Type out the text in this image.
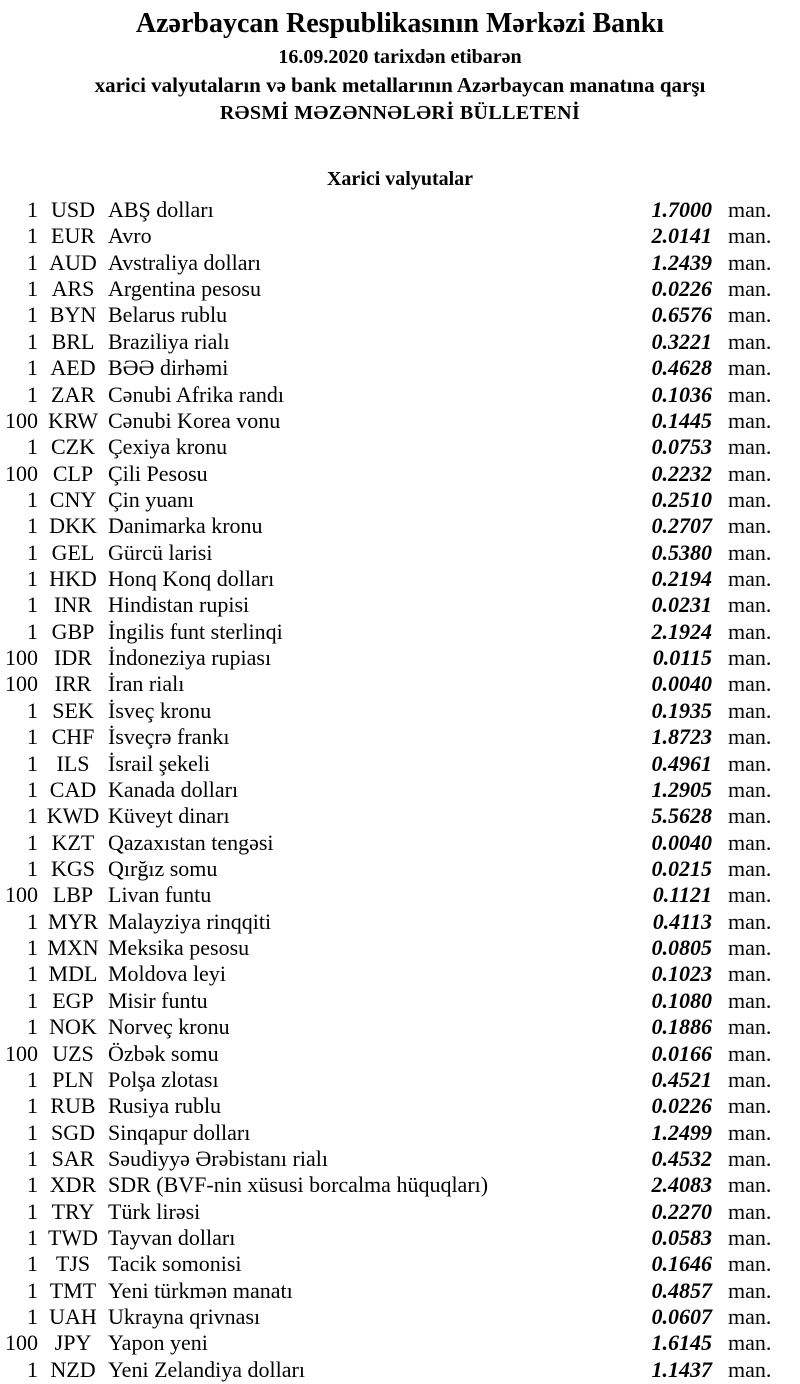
Azərbaycan Respublikasının Mərkəzi Bankı
16.09.2020 tarixdən etibarən
xarici valyutaların və bank metallarının Azərbaycan manatına qarşı
RƏSMİ MƏZƏNNƏLƏRİ BÜLLETENİ
Xarici valyutalar
1 USD ABŞ dolları	1.7000 man.
1 EUR Avro	2.0141 man.
1 AUD Avstraliya dolları	1.2439 man.
1 ARS Argentina pesosu	0.0226 man.
1 BYN Belarus rublu	0.6576 man.
1 BRL Braziliya rialı	0.3221 man.
1 AED BƏƏ dirhəmi	0.4628 man.
1 ZAR Cənubi Afrika randı	0.1036 man.
100 KRW Cənubi Korea vonu	0.1445 man.
1 CZK Çexiya kronu	0.0753 man.
100 CLP Çili Pesosu	0.2232 man.
1 CNY Çin yuanı	0.2510 man.
1 DKK Danimarka kronu	0.2707 man.
1 GEL Gürcü larisi	0.5380 man.
1 HKD Honq Konq dolları	0.2194 man.
1 INR Hindistan rupisi	0.0231 man.
1 GBP İngilis funt sterlinqi	2.1924 man.
100 IDR İndoneziya rupiası	0.0115 man.
100 IRR İran rialı	0.0040 man.
1 SEK İsveç kronu	0.1935 man.
1 CHF İsveçrə frankı	1.8723 man.
1 ILS İsrail şekeli	0.4961 man.
1 CAD Kanada dolları	1.2905 man.
1 KWD Küveyt dinarı	5.5628 man.
1 KZT Qazaxıstan tengəsi	0.0040 man.
1 KGS Qırğız somu	0.0215 man.
100 LBP Livan funtu	0.1121 man.
1 MYR Malayziya rinqqiti	0.4113 man.
1 MXN Meksika pesosu	0.0805 man.
1 MDL Moldova leyi	0.1023 man.
1 EGP Misir funtu	0.1080 man.
1 NOK Norveç kronu	0.1886 man.
100 UZS Özbək somu	0.0166 man.
1 PLN Polşa zlotası	0.4521 man.
1 RUB Rusiya rublu	0.0226 man.
1 SGD Sinqapur dolları	1.2499 man.
1 SAR Səudiyyə Ərəbistanı rialı	0.4532 man.
1 XDR SDR (BVF-nin xüsusi borcalma hüquqları)	2.4083 man.
1 TRY Türk lirəsi	0.2270 man.
1 TWD Tayvan dolları	0.0583 man.
1 TJS Tacik somonisi	0.1646 man.
1 TMT Yeni türkmən manatı	0.4857 man.
1 UAH Ukrayna qrivnası	0.0607 man.
100 JPY Yapon yeni	1.6145 man.
1 NZD Yeni Zelandiya dolları	1.1437 man.
